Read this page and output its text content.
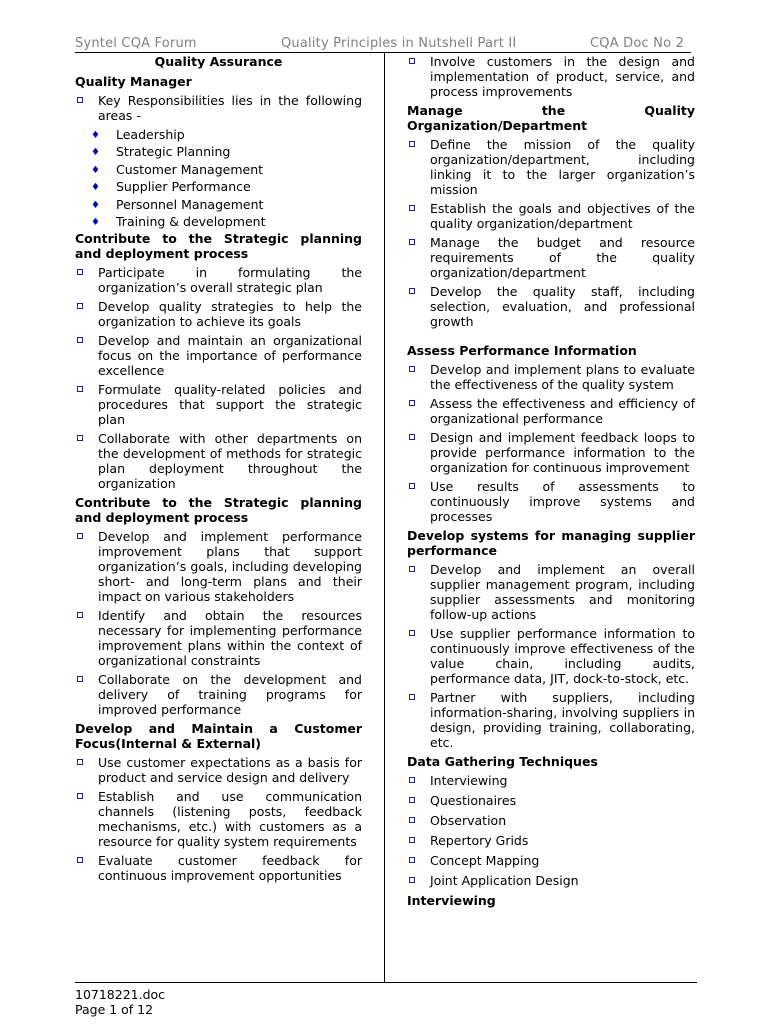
Syntel CQA Forum	Quality Principles in Nutshell Part II	CQA Doc No 2
Quality Assurance
Quality Manager
Key Responsibilities lies in the following areas -
♦ Leadership
♦ Strategic Planning
♦ Customer Management
♦ Supplier Performance
♦ Personnel Management
♦ Training & development
Contribute to the Strategic planning and deployment process
Participate in formulating the organization’s overall strategic plan
Develop quality strategies to help the organization to achieve its goals
Develop and maintain an organizational focus on the importance of performance excellence
Formulate quality-related policies and procedures that support the strategic plan
Collaborate with other departments on the development of methods for strategic plan deployment throughout the organization
Contribute to the Strategic planning and deployment process
Develop and implement performance improvement plans that support organization’s goals, including developing short- and long-term plans and their impact on various stakeholders
Identify and obtain the resources necessary for implementing performance improvement plans within the context of organizational constraints
Collaborate on the development and delivery of training programs for improved performance
Develop and Maintain a Customer Focus(Internal & External)
Use customer expectations as a basis for product and service design and delivery
Establish and use communication channels (listening posts, feedback mechanisms, etc.) with customers as a resource for quality system requirements
Evaluate customer feedback for continuous improvement opportunities
Involve customers in the design and implementation of product, service, and process improvements
Manage the Quality Organization/Department
Define the mission of the quality organization/department, including linking it to the larger organization’s mission
Establish the goals and objectives of the quality organization/department
Manage the budget and resource requirements of the quality organization/department
Develop the quality staff, including selection, evaluation, and professional growth
Assess Performance Information
Develop and implement plans to evaluate the effectiveness of the quality system
Assess the effectiveness and efficiency of organizational performance
Design and implement feedback loops to provide performance information to the organization for continuous improvement
Use results of assessments to continuously improve systems and processes
Develop systems for managing supplier performance
Develop and implement an overall supplier management program, including supplier assessments and monitoring follow-up actions
Use supplier performance information to continuously improve effectiveness of the value chain, including audits, performance data, JIT, dock-to-stock, etc.
Partner with suppliers, including information-sharing, involving suppliers in design, providing training, collaborating, etc.
Data Gathering Techniques
Interviewing
Questionaires
Observation
Repertory Grids
Concept Mapping
Joint Application Design
Interviewing
10718221.doc
Page 1 of 12
